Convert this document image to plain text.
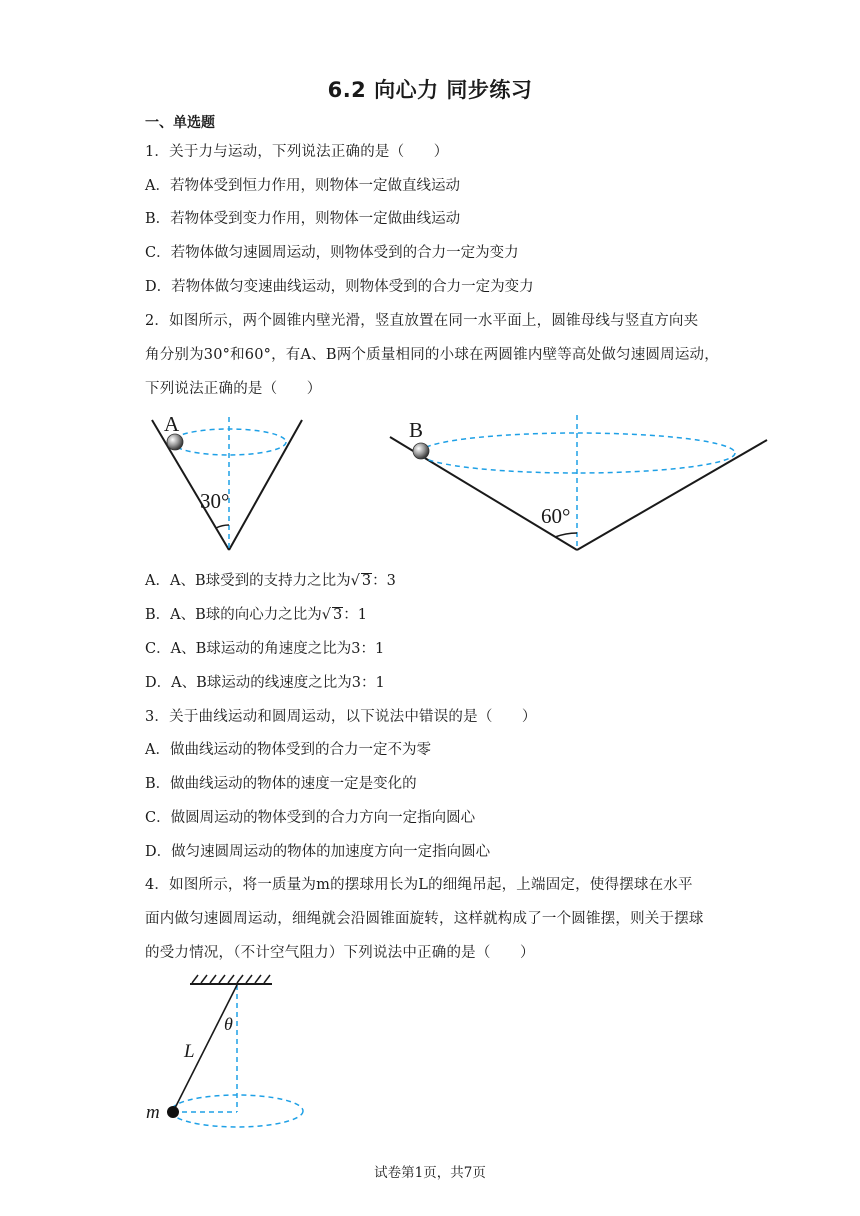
6.2 向心力 同步练习
一、单选题
1．关于力与运动，下列说法正确的是（　　）
A．若物体受到恒力作用，则物体一定做直线运动
B．若物体受到变力作用，则物体一定做曲线运动
C．若物体做匀速圆周运动，则物体受到的合力一定为变力
D．若物体做匀变速曲线运动，则物体受到的合力一定为变力
2．如图所示，两个圆锥内壁光滑，竖直放置在同一水平面上，圆锥母线与竖直方向夹
角分别为30°和60°，有A、B两个质量相同的小球在两圆锥内壁等高处做匀速圆周运动，
下列说法正确的是（　　）
A
30°
B
60°
A．A、B球受到的支持力之比为√ 3：3
B．A、B球的向心力之比为√ 3：1
C．A、B球运动的角速度之比为3：1
D．A、B球运动的线速度之比为3：1
3．关于曲线运动和圆周运动，以下说法中错误的是（　　）
A．做曲线运动的物体受到的合力一定不为零
B．做曲线运动的物体的速度一定是变化的
C．做圆周运动的物体受到的合力方向一定指向圆心
D．做匀速圆周运动的物体的加速度方向一定指向圆心
4．如图所示，将一质量为m的摆球用长为L的细绳吊起，上端固定，使得摆球在水平
面内做匀速圆周运动，细绳就会沿圆锥面旋转，这样就构成了一个圆锥摆，则关于摆球
的受力情况，（不计空气阻力）下列说法中正确的是（　　）
θ
L
m
试卷第1页，共7页
